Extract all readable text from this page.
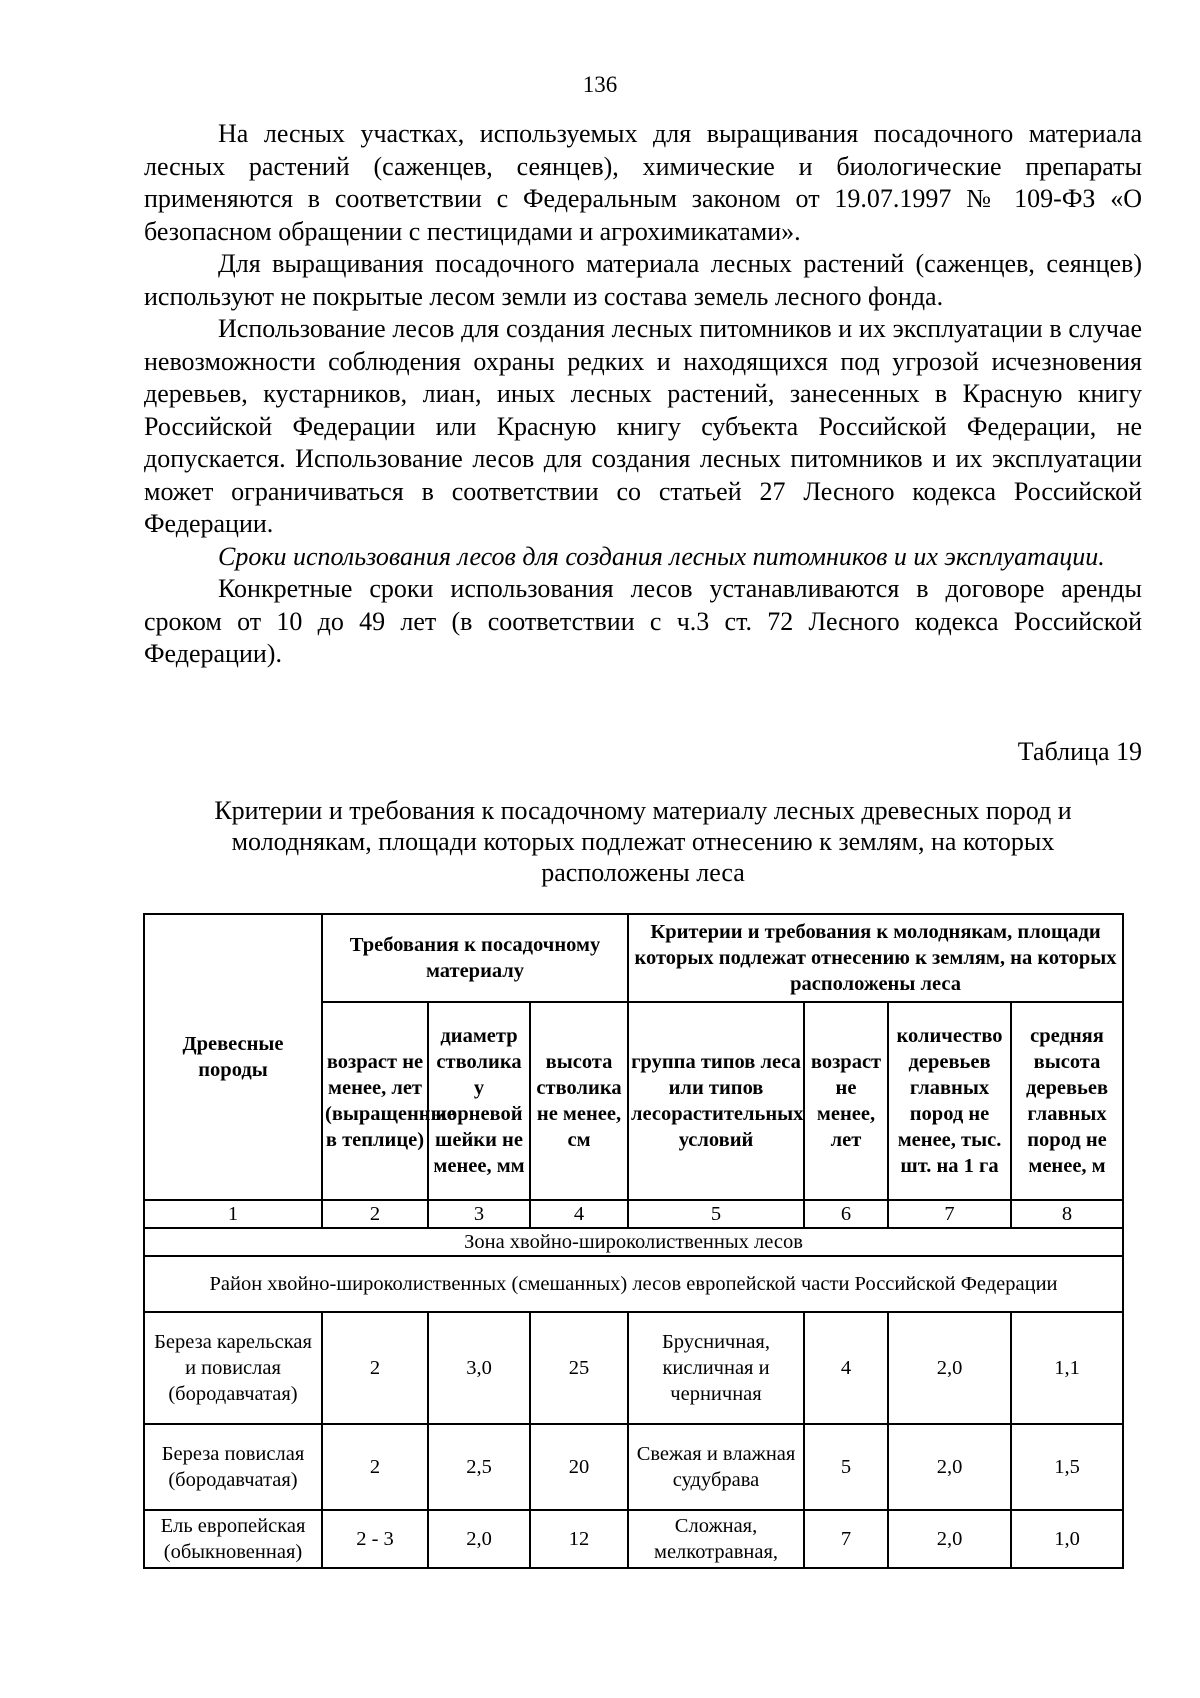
136

На лесных участках, используемых для выращивания посадочного материала лесных растений (саженцев, сеянцев), химические и биологические препараты применяются в соответствии с Федеральным законом от 19.07.1997 № 109-ФЗ «О безопасном обращении с пестицидами и агрохимикатами».

Для выращивания посадочного материала лесных растений (саженцев, сеянцев) используют не покрытые лесом земли из состава земель лесного фонда.

Использование лесов для создания лесных питомников и их эксплуатации в случае невозможности соблюдения охраны редких и находящихся под угрозой исчезновения деревьев, кустарников, лиан, иных лесных растений, занесенных в Красную книгу Российской Федерации или Красную книгу субъекта Российской Федерации, не допускается. Использование лесов для создания лесных питомников и их эксплуатации может ограничиваться в соответствии со статьей 27 Лесного кодекса Российской Федерации.

Сроки использования лесов для создания лесных питомников и их эксплуатации.

Конкретные сроки использования лесов устанавливаются в договоре аренды сроком от 10 до 49 лет (в соответствии с ч.3 ст. 72 Лесного кодекса Российской Федерации).

Таблица 19
Критерии и требования к посадочному материалу лесных древесных пород и молоднякам, площади которых подлежат отнесению к землям, на которых расположены леса
Древесные породы	Требования к посадочному материалу			Критерии и требования к молоднякам, площади которых подлежат отнесению к землям, на которых расположены леса			
	возраст не менее, лет (выращенные в теплице)	диаметр стволика у корневой шейки не менее, мм	высота стволика не менее, см	группа типов леса или типов лесорастительных условий	возраст не менее, лет	количество деревьев главных пород не менее, тыс. шт. на 1 га	средняя высота деревьев главных пород не менее, м
1	2	3	4	5	6	7	8
Зона хвойно-широколиственных лесов							
Район хвойно-широколиственных (смешанных) лесов европейской части Российской Федерации							
Береза карельская и повислая (бородавчатая)	2	3,0	25	Брусничная, кисличная и черничная	4	2,0	1,1
Береза повислая (бородавчатая)	2	2,5	20	Свежая и влажная судубрава	5	2,0	1,5
Ель европейская (обыкновенная)	2 - 3	2,0	12	Сложная, мелкотравная,	7	2,0	1,0
